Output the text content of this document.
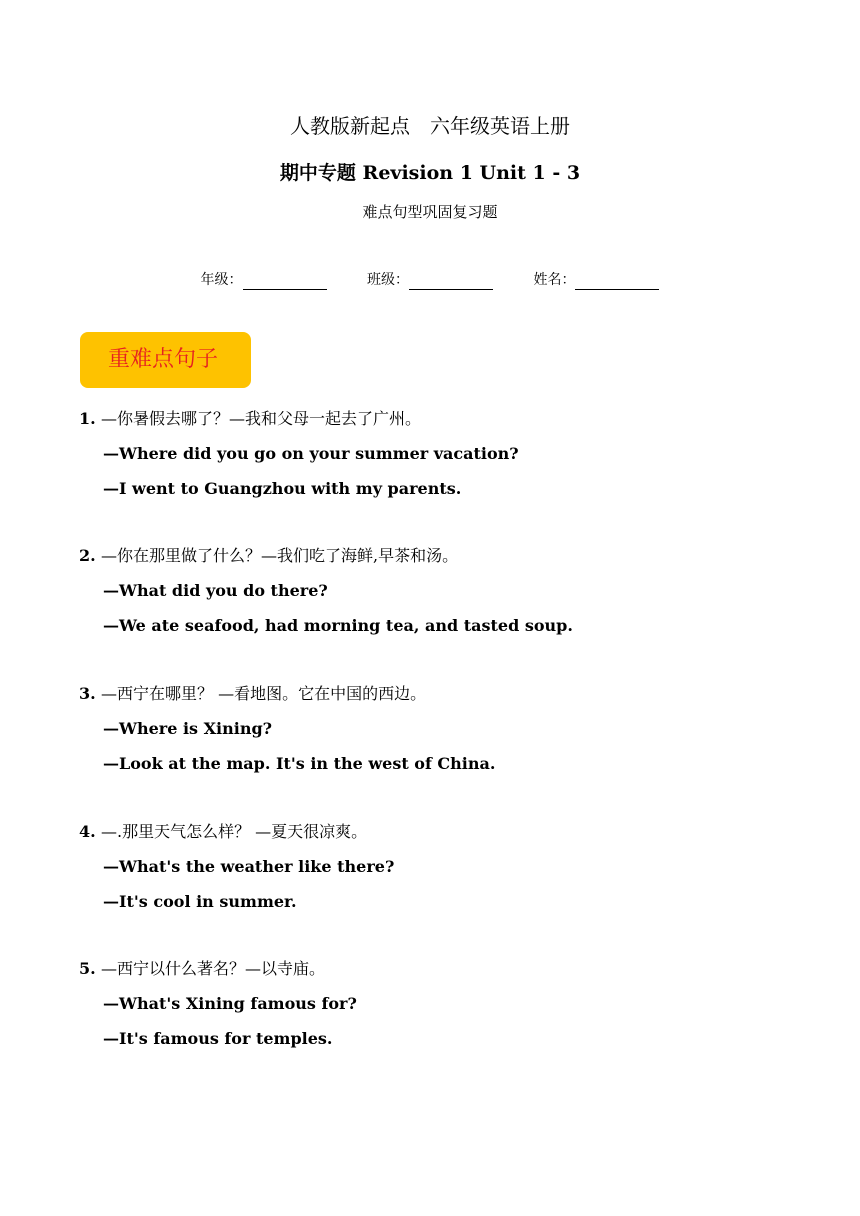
人教版新起点　六年级英语上册
期中专题 Revision 1 Unit 1 - 3
难点句型巩固复习题
年级：	班级：	姓名：
重难点句子
1. —你暑假去哪了？—我和父母一起去了广州。
—Where did you go on your summer vacation?
—I went to Guangzhou with my parents.
2. —你在那里做了什么？—我们吃了海鲜,早茶和汤。
—What did you do there?
—We ate seafood, had morning tea, and tasted soup.
3. —西宁在哪里？ —看地图。它在中国的西边。
—Where is Xining?
—Look at the map. It's in the west of China.
4. —.那里天气怎么样？ —夏天很凉爽。
—What's the weather like there?
—It's cool in summer.
5. —西宁以什么著名？—以寺庙。
—What's Xining famous for?
—It's famous for temples.
